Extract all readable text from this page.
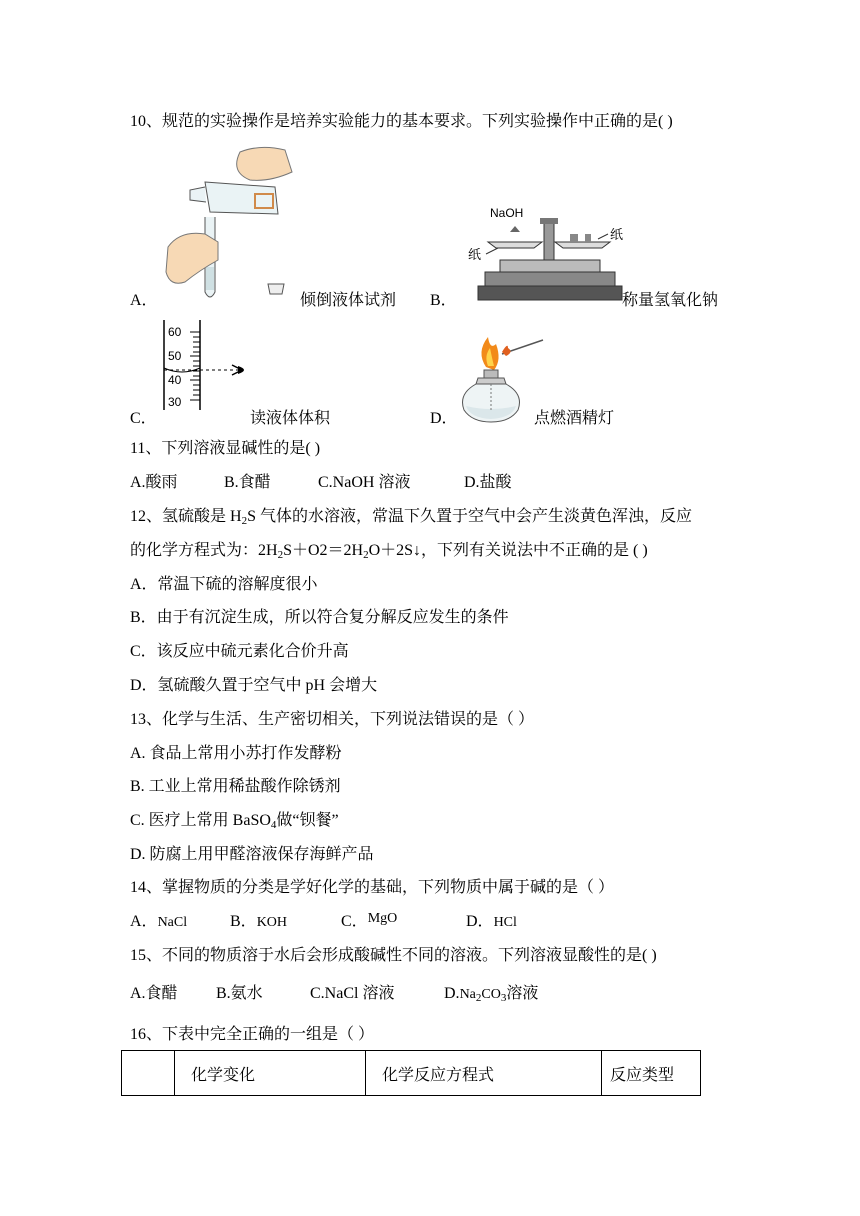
10、规范的实验操作是培养实验能力的基本要求。下列实验操作中正确的是( )
A．	倾倒液体试剂
NaOH
纸
纸
B．	称量氢氧化钠
60
50
40
30
C．	读液体体积	D．	点燃酒精灯
11、下列溶液显碱性的是( )
A.酸雨	B.食醋	C.NaOH 溶液	D.盐酸
12、氢硫酸是 $H_2S$ 气体的水溶液，常温下久置于空气中会产生淡黄色浑浊，反应
的化学方程式为：$2H_2S+O2=2H_2O+2S↓$，下列有关说法中不正确的是 ( )
A．常温下硫的溶解度很小
B．由于有沉淀生成，所以符合复分解反应发生的条件
C．该反应中硫元素化合价升高
D．氢硫酸久置于空气中 pH 会增大
13、化学与生活、生产密切相关，下列说法错误的是（ ）
A. 食品上常用小苏打作发酵粉
B. 工业上常用稀盐酸作除锈剂
C. 医疗上常用 BaSO$_4$做“钡餐”
D. 防腐上用甲醛溶液保存海鲜产品
14、掌握物质的分类是学好化学的基础，下列物质中属于碱的是（ ）
A．NaCl	B．KOH	C．MgO	D．HCl
15、不同的物质溶于水后会形成酸碱性不同的溶液。下列溶液显酸性的是( )
A.食醋 B.氨水	C.NaCl 溶液	$D.Na_2CO_3$溶液
16、下表中完全正确的一组是（ ）
	化学变化	化学反应方程式	反应类型
